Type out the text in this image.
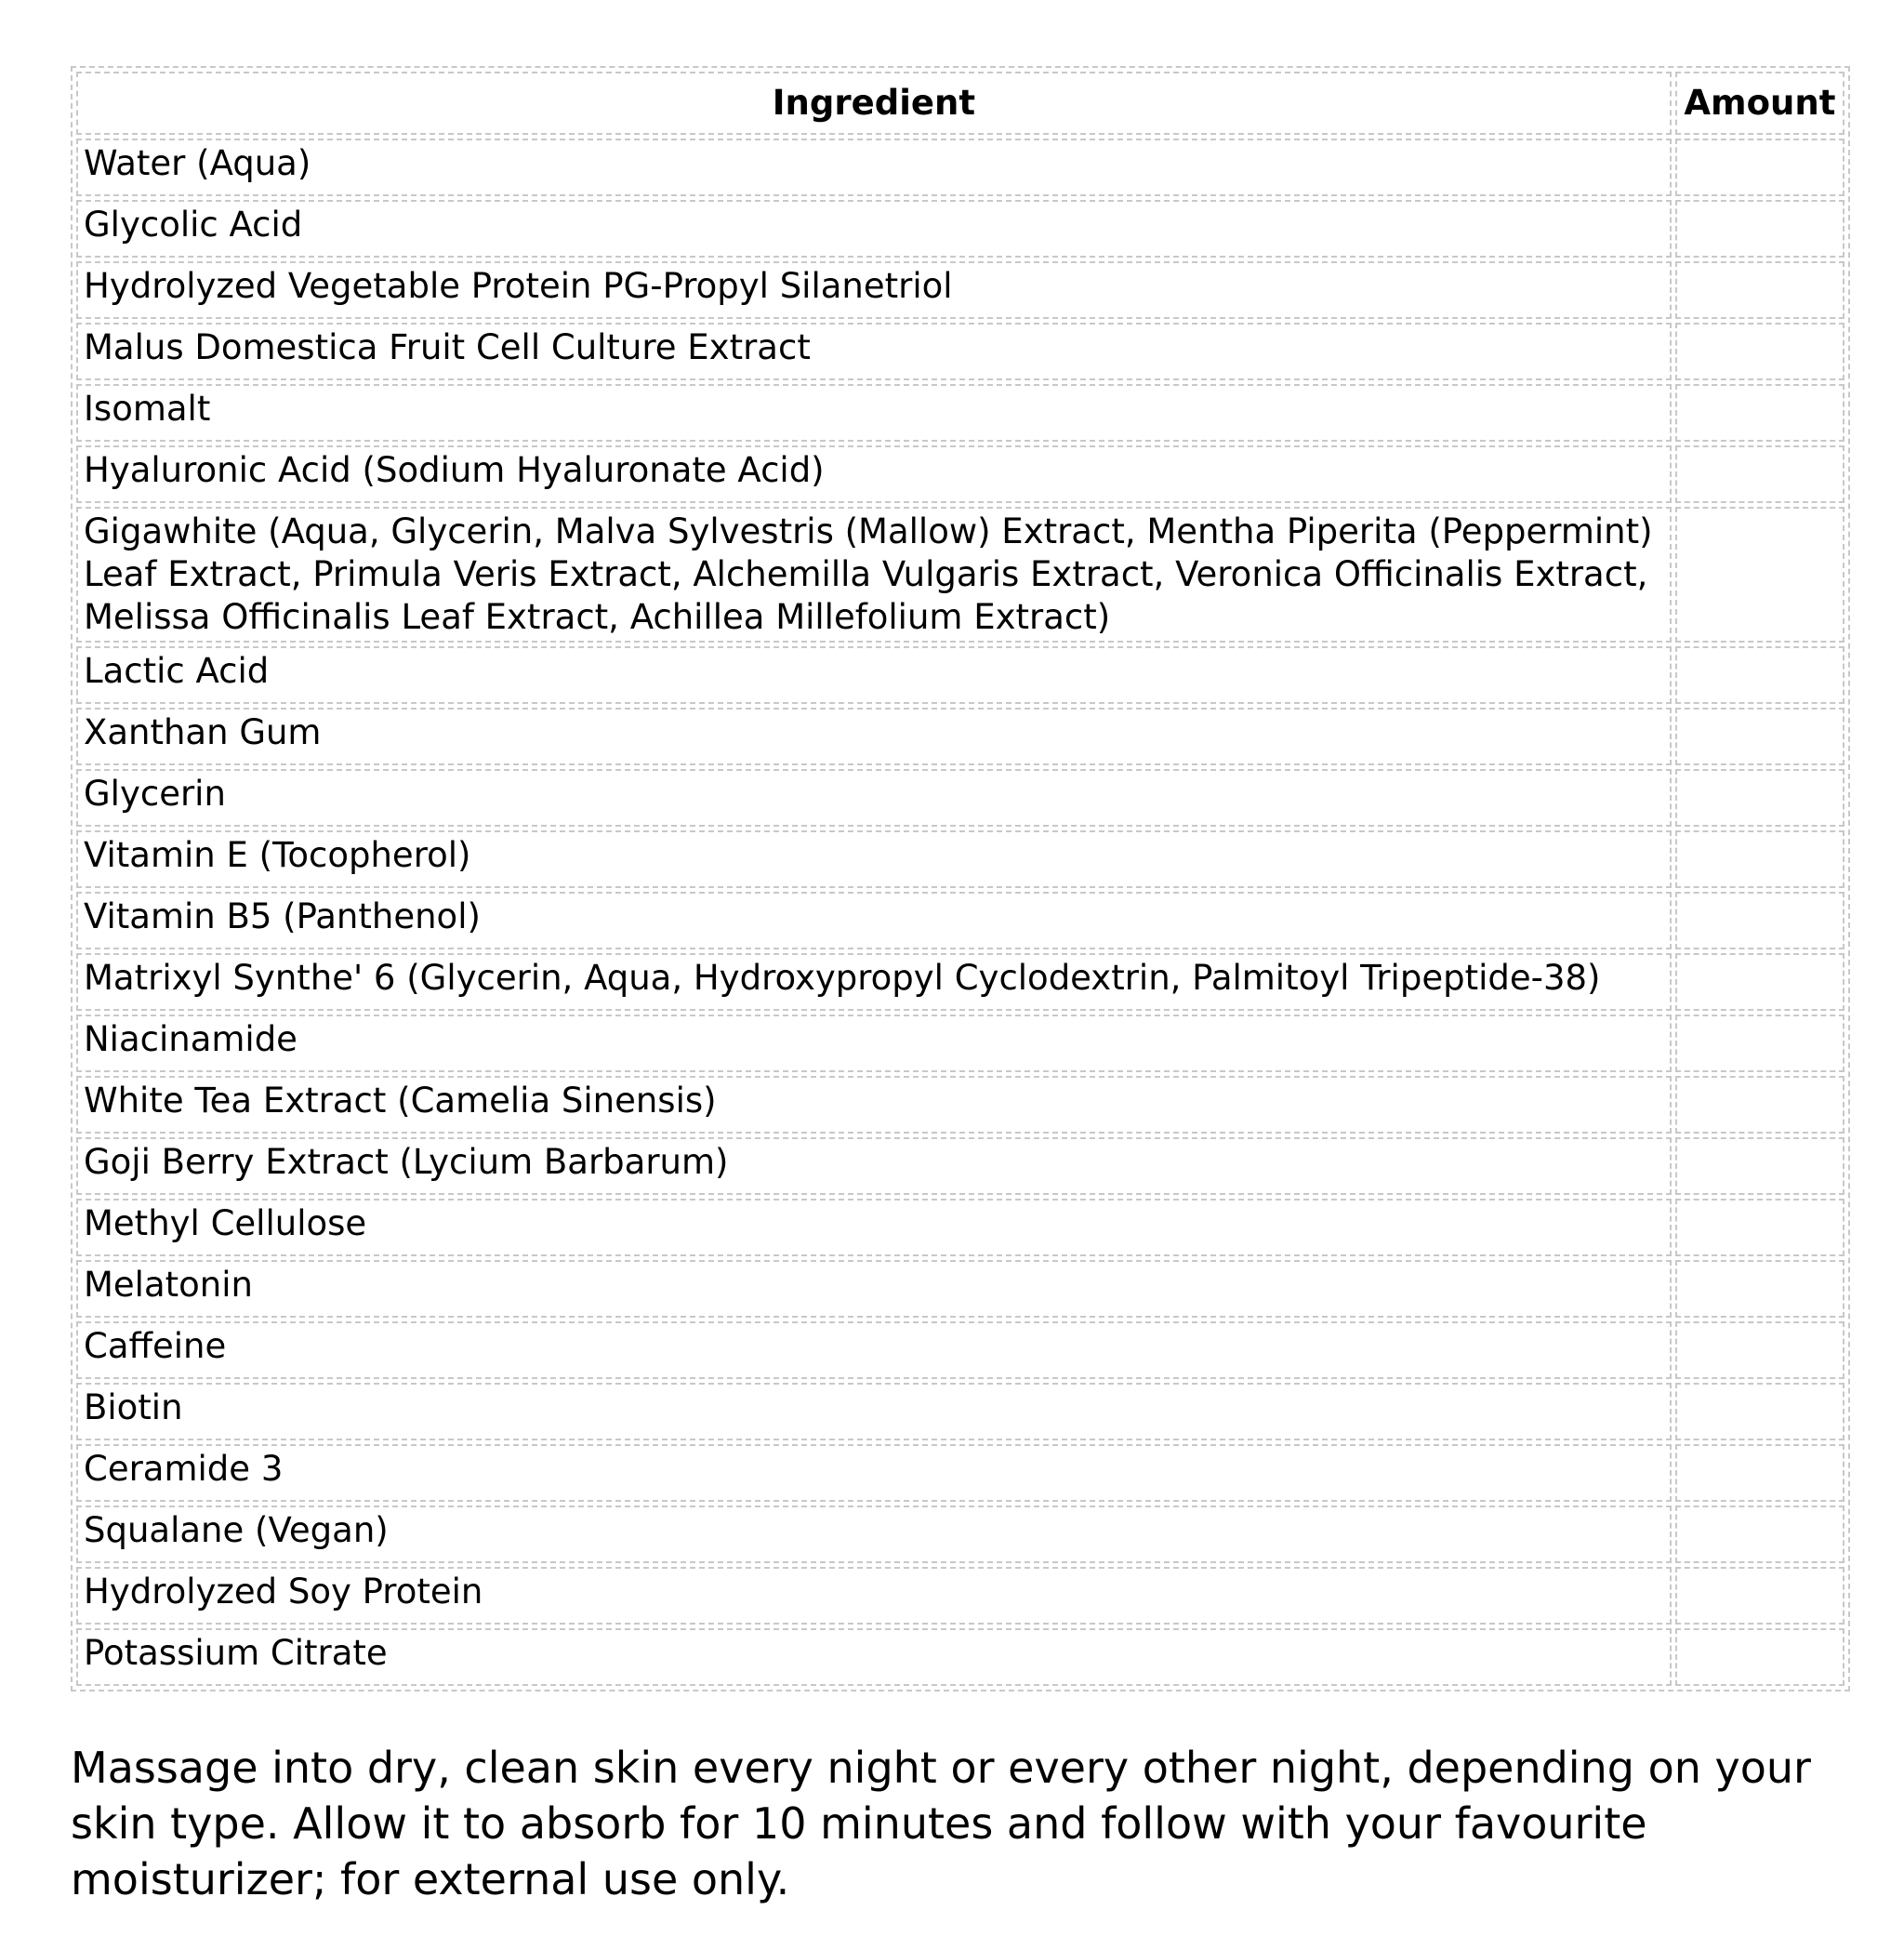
Ingredient	Amount
Water (Aqua)	
Glycolic Acid	
Hydrolyzed Vegetable Protein PG-Propyl Silanetriol	
Malus Domestica Fruit Cell Culture Extract	
Isomalt	
Hyaluronic Acid (Sodium Hyaluronate Acid)	
Gigawhite (Aqua, Glycerin, Malva Sylvestris (Mallow) Extract, Mentha Piperita (Peppermint) Leaf Extract, Primula Veris Extract, Alchemilla Vulgaris Extract, Veronica Officinalis Extract, Melissa Officinalis Leaf Extract, Achillea Millefolium Extract)	
Lactic Acid	
Xanthan Gum	
Glycerin	
Vitamin E (Tocopherol)	
Vitamin B5 (Panthenol)	
Matrixyl Synthe' 6 (Glycerin, Aqua, Hydroxypropyl Cyclodextrin, Palmitoyl Tripeptide-38)	
Niacinamide	
White Tea Extract (Camelia Sinensis)	
Goji Berry Extract (Lycium Barbarum)	
Methyl Cellulose	
Melatonin	
Caffeine	
Biotin	
Ceramide 3	
Squalane (Vegan)	
Hydrolyzed Soy Protein	
Potassium Citrate	

Massage into dry, clean skin every night or every other night, depending on your skin type. Allow it to absorb for 10 minutes and follow with your favourite moisturizer; for external use only.
